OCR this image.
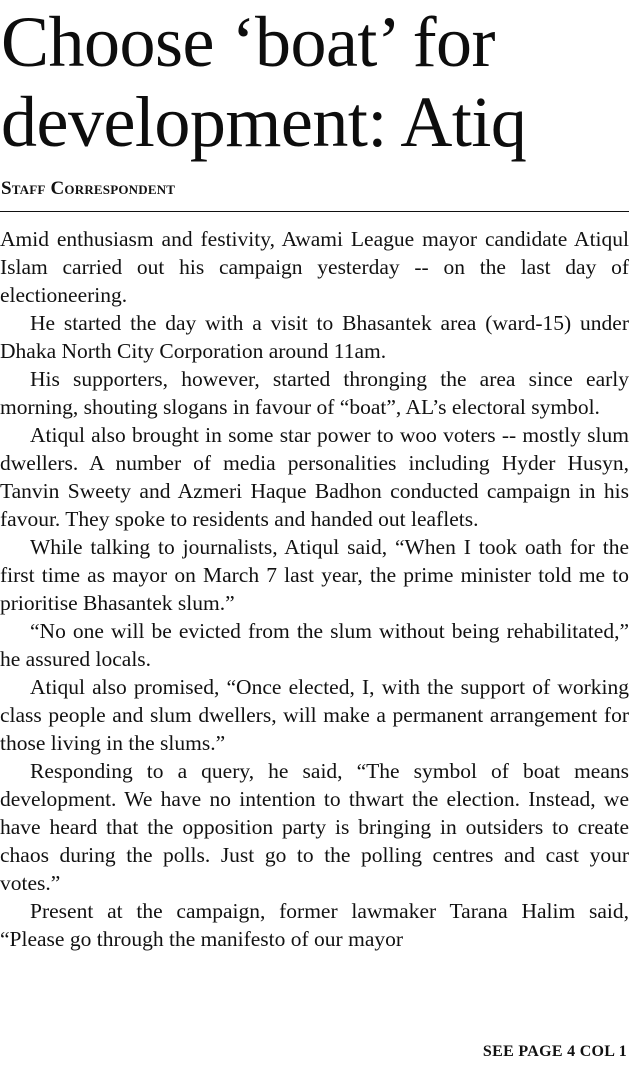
Choose ‘boat’ for
development: Atiq
Staff Correspondent

Amid enthusiasm and festivity, Awami League mayor candidate Atiqul Islam carried out his campaign yesterday -- on the last day of electioneering.

He started the day with a visit to Bhasantek area (ward-15) under Dhaka North City Corporation around 11am.

His supporters, however, started thronging the area since early morning, shouting slogans in favour of “boat”, AL’s electoral symbol.

Atiqul also brought in some star power to woo voters -- mostly slum dwellers. A number of media personalities including Hyder Husyn, Tanvin Sweety and Azmeri Haque Badhon conducted campaign in his favour. They spoke to residents and handed out leaflets.

While talking to journalists, Atiqul said, “When I took oath for the first time as mayor on March 7 last year, the prime minister told me to prioritise Bhasantek slum.”

“No one will be evicted from the slum without being rehabilitated,” he assured locals.

Atiqul also promised, “Once elected, I, with the support of working class people and slum dwellers, will make a permanent arrangement for those living in the slums.”

Responding to a query, he said, “The symbol of boat means development. We have no intention to thwart the election. Instead, we have heard that the opposition party is bringing in outsiders to create chaos during the polls. Just go to the polling centres and cast your votes.”

Present at the campaign, former lawmaker Tarana Halim said, “Please go through the manifesto of our mayor

SEE PAGE 4 COL 1
